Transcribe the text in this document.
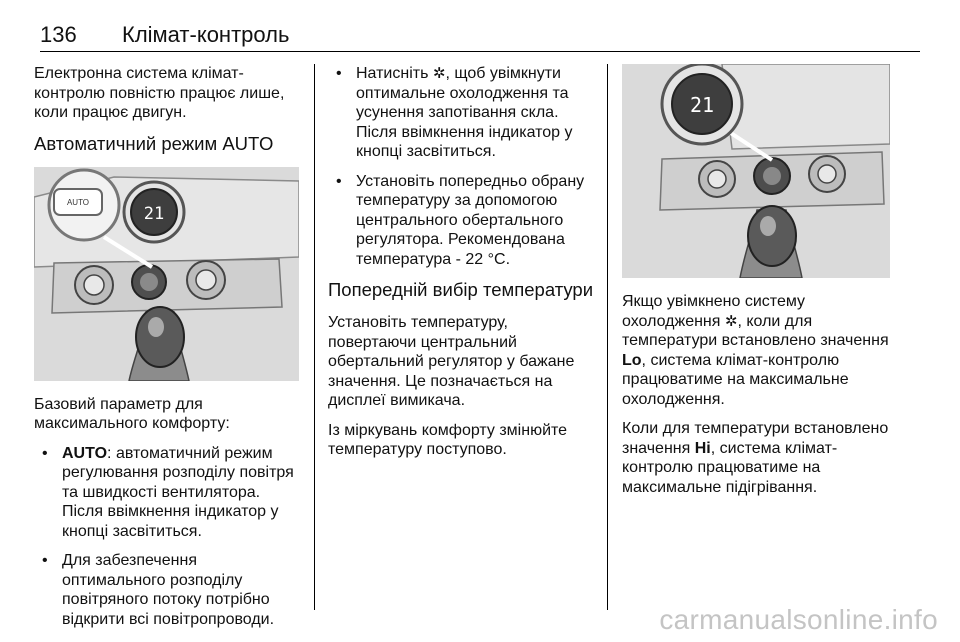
136 Клімат-контроль

Електронна система клімат-контролю повністю працює лише, коли працює двигун.

Автоматичний режим AUTO
21
AUTO

Базовий параметр для максимального комфорту:

• AUTO: автоматичний режим регулювання розподілу повітря та швидкості вентилятора. Після ввімкнення індикатор у кнопці засвітиться.
• Для забезпечення оптимального розподілу повітряного потоку потрібно відкрити всі повітропроводи.
• Натисніть ✲, щоб увімкнути оптимальне охолодження та усунення запотівання скла. Після ввімкнення індикатор у кнопці засвітиться.
• Установіть попередньо обрану температуру за допомогою центрального обертального регулятора. Рекомендована температура - 22 °C.
Попередній вибір температури

Установіть температуру, повертаючи центральний обертальний регулятор у бажане значення. Це позначається на дисплеї вимикача.

Із міркувань комфорту змінюйте температуру поступово.

21

Якщо увімкнено систему охолодження ✲, коли для температури встановлено значення Lo, система клімат-контролю працюватиме на максимальне охолодження.

Коли для температури встановлено значення Hi, система клімат-контролю працюватиме на максимальне підігрівання.

carmanualsonline.info
